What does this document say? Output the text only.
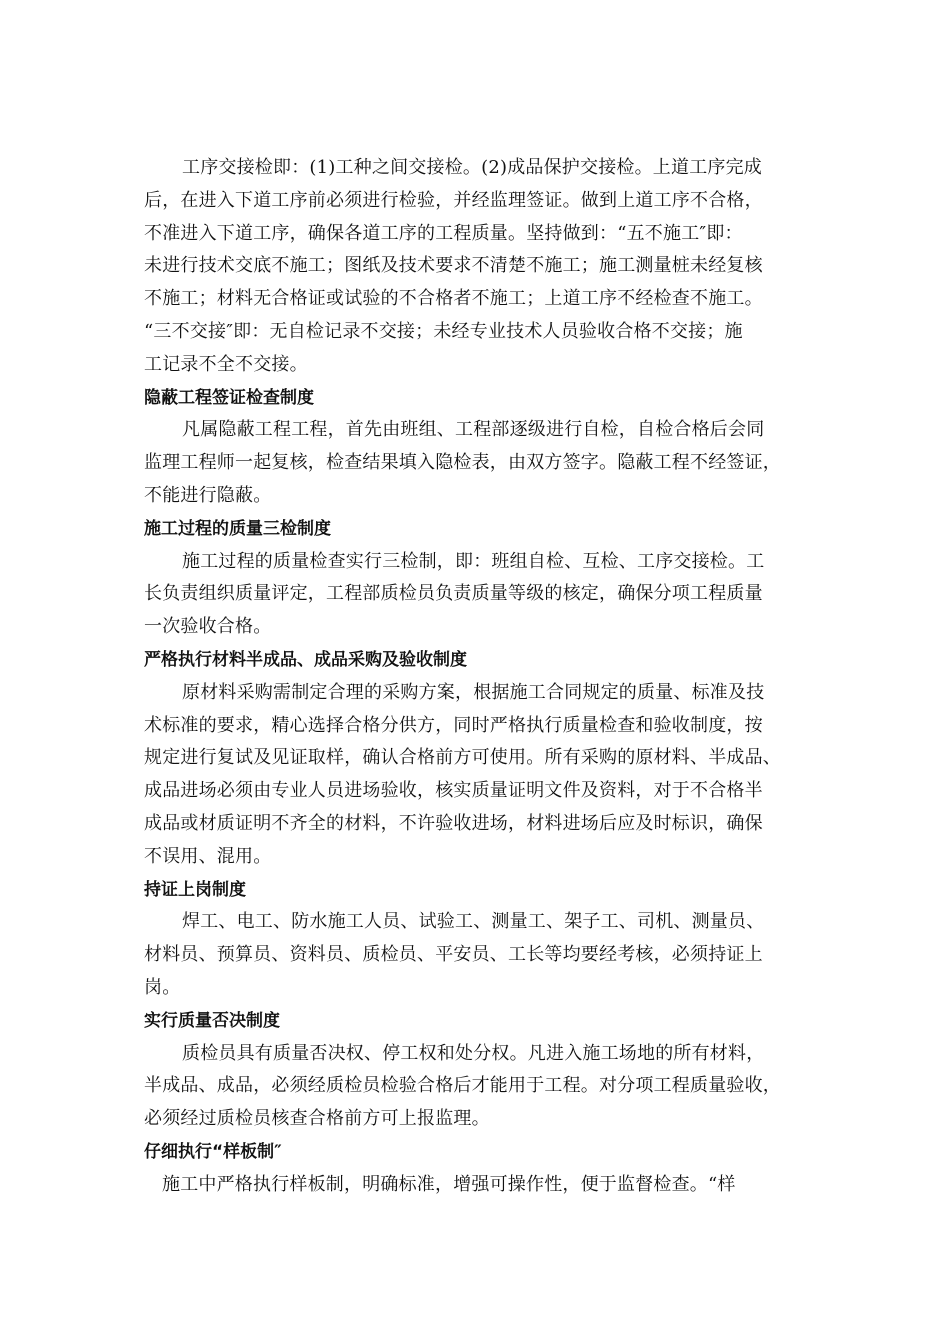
工序交接检即：(1)工种之间交接检。(2)成品保护交接检。上道工序完成
后，在进入下道工序前必须进行检验，并经监理签证。做到上道工序不合格，
不准进入下道工序，确保各道工序的工程质量。坚持做到：“五不施工″即：
未进行技术交底不施工；图纸及技术要求不清楚不施工；施工测量桩未经复核
不施工；材料无合格证或试验的不合格者不施工；上道工序不经检查不施工。
“三不交接″即：无自检记录不交接；未经专业技术人员验收合格不交接；施
工记录不全不交接。

隐蔽工程签证检查制度

凡属隐蔽工程工程，首先由班组、工程部逐级进行自检，自检合格后会同
监理工程师一起复核，检查结果填入隐检表，由双方签字。隐蔽工程不经签证，
不能进行隐蔽。

施工过程的质量三检制度

施工过程的质量检查实行三检制，即：班组自检、互检、工序交接检。工
长负责组织质量评定，工程部质检员负责质量等级的核定，确保分项工程质量
一次验收合格。

严格执行材料半成品、成品采购及验收制度

原材料采购需制定合理的采购方案，根据施工合同规定的质量、标准及技
术标准的要求，精心选择合格分供方，同时严格执行质量检查和验收制度，按
规定进行复试及见证取样，确认合格前方可使用。所有采购的原材料、半成品、
成品进场必须由专业人员进场验收，核实质量证明文件及资料，对于不合格半
成品或材质证明不齐全的材料，不许验收进场，材料进场后应及时标识，确保
不误用、混用。

持证上岗制度

焊工、电工、防水施工人员、试验工、测量工、架子工、司机、测量员、
材料员、预算员、资料员、质检员、平安员、工长等均要经考核，必须持证上
岗。

实行质量否决制度

质检员具有质量否决权、停工权和处分权。凡进入施工场地的所有材料，
半成品、成品，必须经质检员检验合格后才能用于工程。对分项工程质量验收，
必须经过质检员核查合格前方可上报监理。

仔细执行“样板制″

施工中严格执行样板制，明确标准，增强可操作性，便于监督检查。“样
